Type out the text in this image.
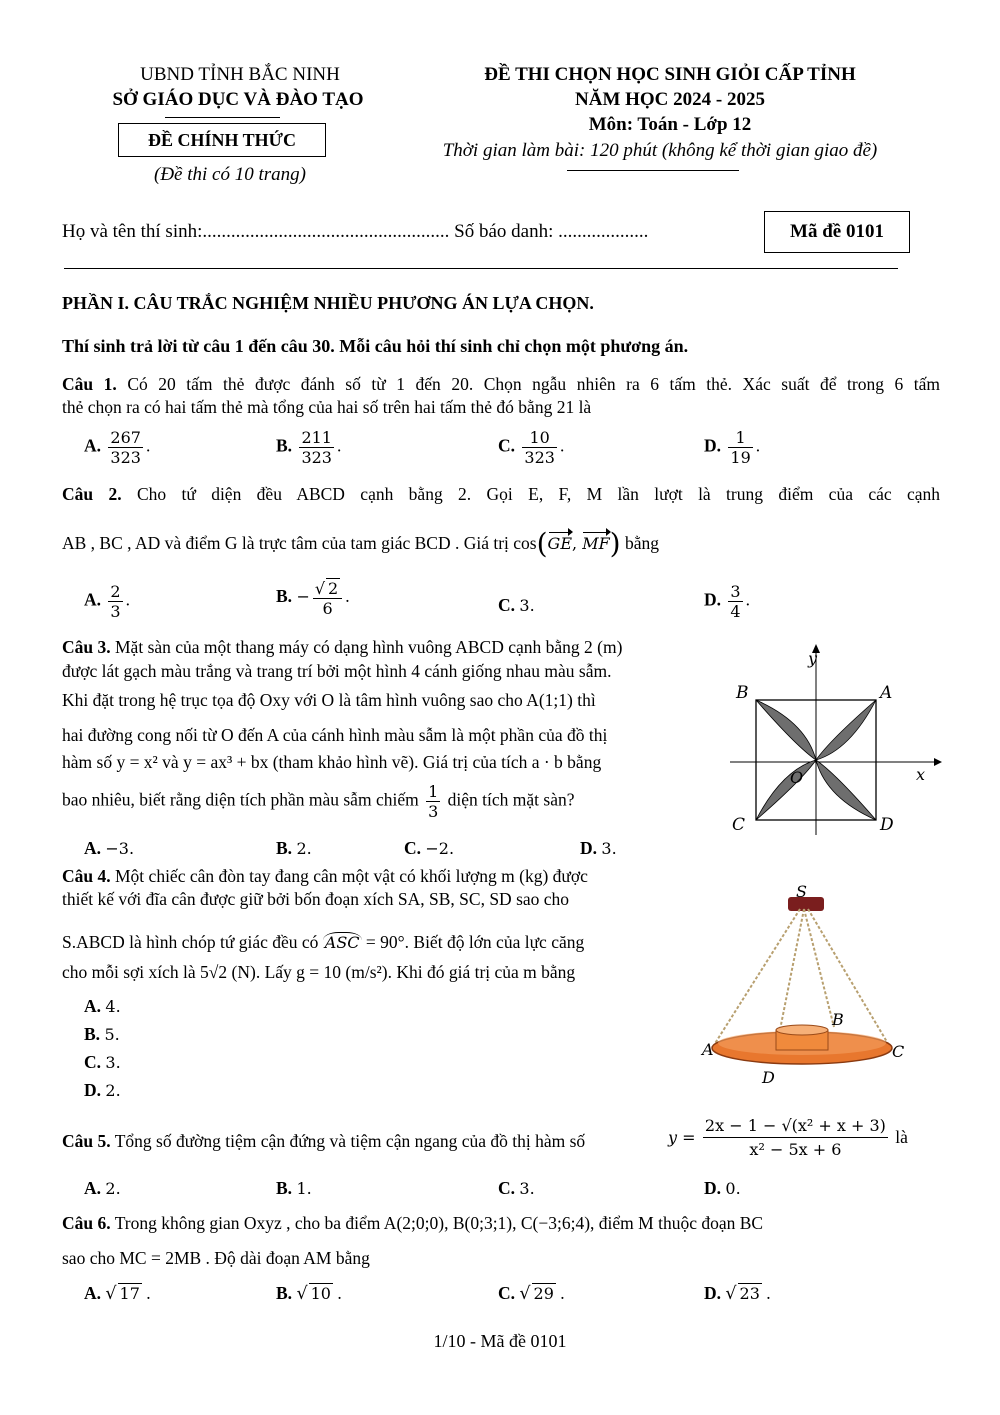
UBND TỈNH BẮC NINH
SỞ GIÁO DỤC VÀ ĐÀO TẠO
ĐỀ CHÍNH THỨC
(Đề thi có 10 trang)
ĐỀ THI CHỌN HỌC SINH GIỎI CẤP TỈNH
NĂM HỌC 2024 - 2025
Môn: Toán - Lớp 12
Thời gian làm bài: 120 phút (không kể thời gian giao đề)
Họ và tên thí sinh:.................................................... Số báo danh: ...................	Mã đề 0101
PHẦN I. CÂU TRẮC NGHIỆM NHIỀU PHƯƠNG ÁN LỰA CHỌN.
Thí sinh trả lời từ câu 1 đến câu 30. Mỗi câu hỏi thí sinh chỉ chọn một phương án.
Câu 1. Có 20 tấm thẻ được đánh số từ 1 đến 20. Chọn ngẫu nhiên ra 6 tấm thẻ. Xác suất để trong 6 tấm
thẻ chọn ra có hai tấm thẻ mà tổng của hai số trên hai tấm thẻ đó bằng 21 là
A. $\frac{267}{323}$ .	B. $\frac{211}{323}$ .	C. $\frac{10}{323}$ .	D. $\frac{1}{19}$ .
Câu 2. Cho tứ diện đều ABCD cạnh bằng 2. Gọi E, F, M lần lượt là trung điểm của các cạnh
AB , BC , AD và điểm G là trực tâm của tam giác BCD . Giá trị cos(GE, MF) bằng
A. $\frac{2}{3}$ .	B. − $\frac{√ 2}{6}$ .	C. 3.	D. $\frac{3}{4}$ .
Câu 3. Mặt sàn của một thang máy có dạng hình vuông ABCD cạnh bằng 2 (m)
được lát gạch màu trắng và trang trí bởi một hình 4 cánh giống nhau màu sẫm.
Khi đặt trong hệ trục tọa độ Oxy với O là tâm hình vuông sao cho A(1;1) thì
hai đường cong nối từ O đến A của cánh hình màu sẫm là một phần của đồ thị
hàm số y = x² và y = ax³ + bx (tham khảo hình vẽ). Giá trị của tích a · b bằng
bao nhiêu, biết rằng diện tích phần màu sẫm chiếm $\frac{1}{3}$ diện tích mặt sàn?
A. −3.	B. 2.	C. −2.	D. 3.
y
x
O
A
B
C	D
Câu 4. Một chiếc cân đòn tay đang cân một vật có khối lượng m (kg) được
thiết kế với đĩa cân được giữ bởi bốn đoạn xích SA, SB, SC, SD sao cho
S.ABCD là hình chóp tứ giác đều có ASC = 90°. Biết độ lớn của lực căng
cho mỗi sợi xích là 5√2 (N). Lấy g = 10 (m/s²). Khi đó giá trị của m bằng
A. 4.
B. 5.
C. 3.
D. 2.
S
A
B
C
D
Câu 5. Tổng số đường tiệm cận đứng và tiệm cận ngang của đồ thị hàm số	$y = \frac{\text{2x − 1 − √(x² + x + 3)}}{\text{x² − 5x + 6}}$ là
A. 2.	B. 1.	C. 3.	D. 0.
Câu 6. Trong không gian Oxyz , cho ba điểm A(2;0;0), B(0;3;1), C(−3;6;4), điểm M thuộc đoạn BC
sao cho MC = 2MB . Độ dài đoạn AM bằng
A. √ 17 .	B. √ 10 .	C. √ 29 .	D. √ 23 .
1/10 - Mã đề 0101
